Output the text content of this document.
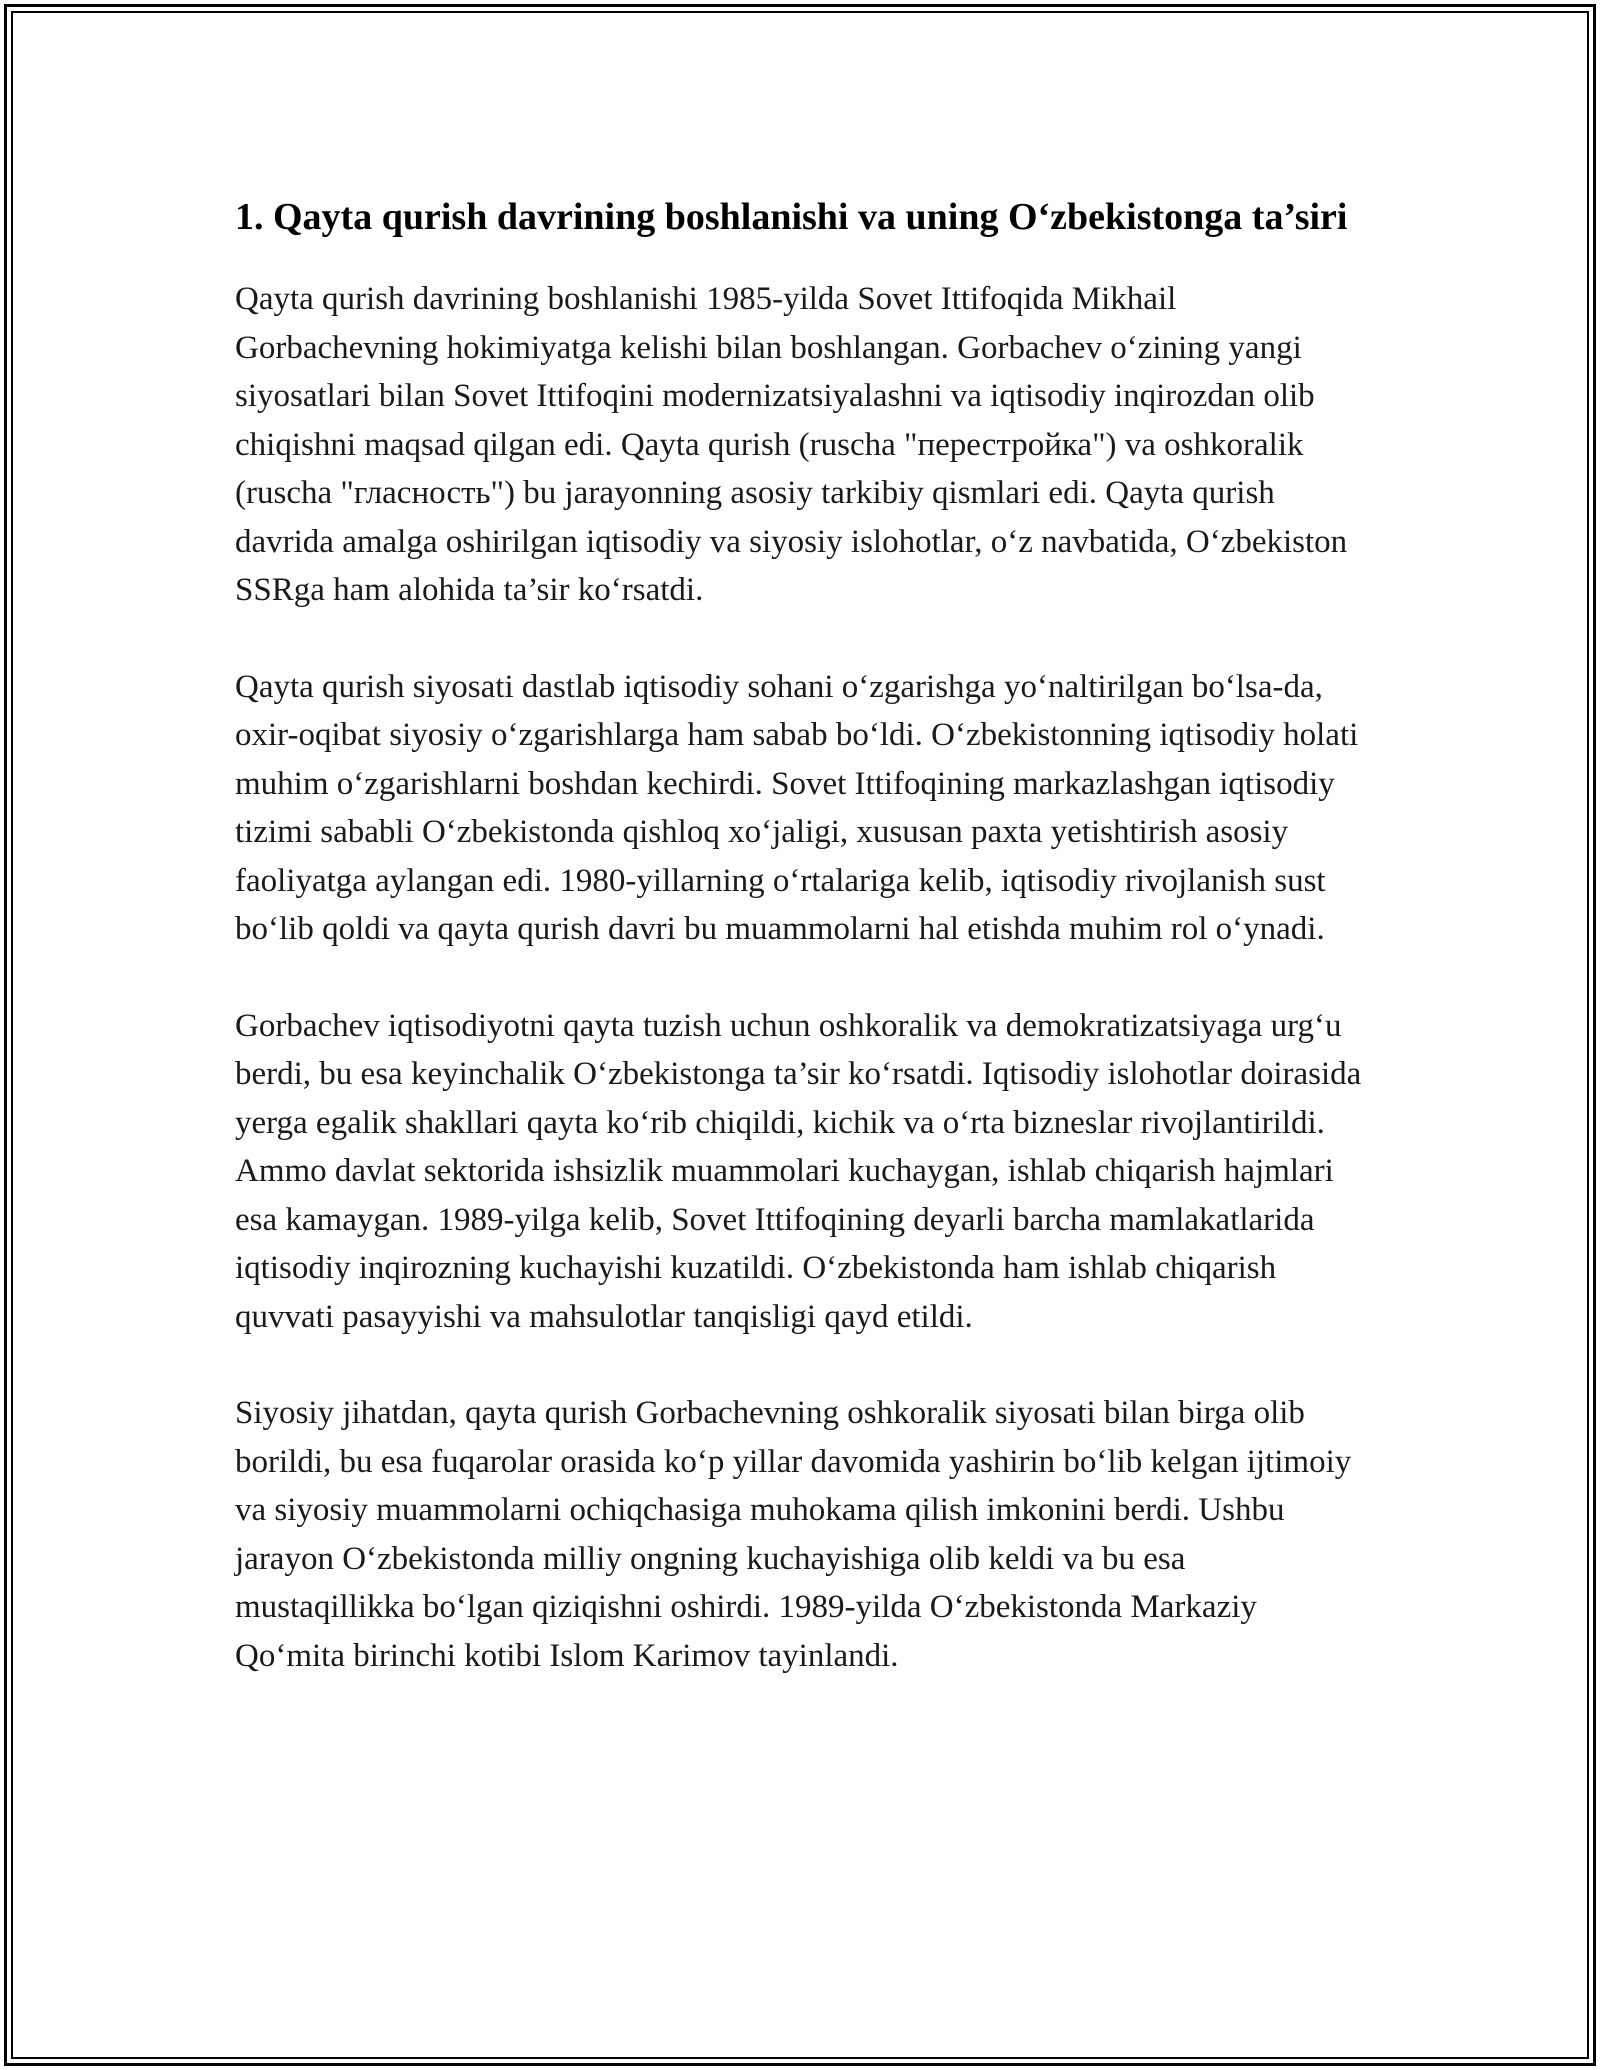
1. Qayta qurish davrining boshlanishi va uning O‘zbekistonga ta’siri

Qayta qurish davrining boshlanishi 1985-yilda Sovet Ittifoqida Mikhail Gorbachevning hokimiyatga kelishi bilan boshlangan. Gorbachev o‘zining yangi siyosatlari bilan Sovet Ittifoqini modernizatsiyalashni va iqtisodiy inqirozdan olib chiqishni maqsad qilgan edi. Qayta qurish (ruscha "перестройка") va oshkoralik (ruscha "гласность") bu jarayonning asosiy tarkibiy qismlari edi. Qayta qurish davrida amalga oshirilgan iqtisodiy va siyosiy islohotlar, o‘z navbatida, O‘zbekiston SSRga ham alohida ta’sir ko‘rsatdi.

Qayta qurish siyosati dastlab iqtisodiy sohani o‘zgarishga yo‘naltirilgan bo‘lsa-da, oxir-oqibat siyosiy o‘zgarishlarga ham sabab bo‘ldi. O‘zbekistonning iqtisodiy holati muhim o‘zgarishlarni boshdan kechirdi. Sovet Ittifoqining markazlashgan iqtisodiy tizimi sababli O‘zbekistonda qishloq xo‘jaligi, xususan paxta yetishtirish asosiy faoliyatga aylangan edi. 1980-yillarning o‘rtalariga kelib, iqtisodiy rivojlanish sust bo‘lib qoldi va qayta qurish davri bu muammolarni hal etishda muhim rol o‘ynadi.

Gorbachev iqtisodiyotni qayta tuzish uchun oshkoralik va demokratizatsiyaga urg‘u berdi, bu esa keyinchalik O‘zbekistonga ta’sir ko‘rsatdi. Iqtisodiy islohotlar doirasida yerga egalik shakllari qayta ko‘rib chiqildi, kichik va o‘rta bizneslar rivojlantirildi. Ammo davlat sektorida ishsizlik muammolari kuchaygan, ishlab chiqarish hajmlari esa kamaygan. 1989-yilga kelib, Sovet Ittifoqining deyarli barcha mamlakatlarida iqtisodiy inqirozning kuchayishi kuzatildi. O‘zbekistonda ham ishlab chiqarish quvvati pasayyishi va mahsulotlar tanqisligi qayd etildi.

Siyosiy jihatdan, qayta qurish Gorbachevning oshkoralik siyosati bilan birga olib borildi, bu esa fuqarolar orasida ko‘p yillar davomida yashirin bo‘lib kelgan ijtimoiy va siyosiy muammolarni ochiqchasiga muhokama qilish imkonini berdi. Ushbu jarayon O‘zbekistonda milliy ongning kuchayishiga olib keldi va bu esa mustaqillikka bo‘lgan qiziqishni oshirdi. 1989-yilda O‘zbekistonda Markaziy Qo‘mita birinchi kotibi Islom Karimov tayinlandi.
